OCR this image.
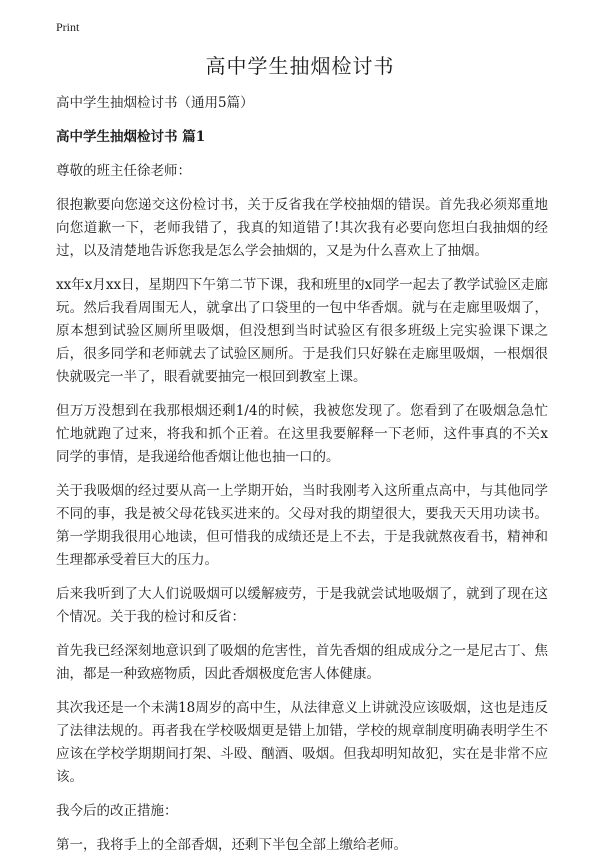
Print
高中学生抽烟检讨书

高中学生抽烟检讨书（通用5篇）

高中学生抽烟检讨书 篇1

尊敬的班主任徐老师：

很抱歉要向您递交这份检讨书，关于反省我在学校抽烟的错误。首先我必须郑重地向您道歉一下，老师我错了，我真的知道错了!其次我有必要向您坦白我抽烟的经过，以及清楚地告诉您我是怎么学会抽烟的，又是为什么喜欢上了抽烟。

xx年x月xx日，星期四下午第二节下课，我和班里的x同学一起去了教学试验区走廊玩。然后我看周围无人，就拿出了口袋里的一包中华香烟。就与在走廊里吸烟了，原本想到试验区厕所里吸烟，但没想到当时试验区有很多班级上完实验课下课之后，很多同学和老师就去了试验区厕所。于是我们只好躲在走廊里吸烟，一根烟很快就吸完一半了，眼看就要抽完一根回到教室上课。

但万万没想到在我那根烟还剩1/4的时候，我被您发现了。您看到了在吸烟急急忙忙地就跑了过来，将我和抓个正着。在这里我要解释一下老师，这件事真的不关x同学的事情，是我递给他香烟让他也抽一口的。

关于我吸烟的经过要从高一上学期开始，当时我刚考入这所重点高中，与其他同学不同的事，我是被父母花钱买进来的。父母对我的期望很大，要我天天用功读书。第一学期我很用心地读，但可惜我的成绩还是上不去，于是我就熬夜看书，精神和生理都承受着巨大的压力。

后来我听到了大人们说吸烟可以缓解疲劳，于是我就尝试地吸烟了，就到了现在这个情况。关于我的检讨和反省：

首先我已经深刻地意识到了吸烟的危害性，首先香烟的组成成分之一是尼古丁、焦油，都是一种致癌物质，因此香烟极度危害人体健康。

其次我还是一个未满18周岁的高中生，从法律意义上讲就没应该吸烟，这也是违反了法律法规的。再者我在学校吸烟更是错上加错，学校的规章制度明确表明学生不应该在学校学期期间打架、斗殴、酗酒、吸烟。但我却明知故犯，实在是非常不应该。

我今后的改正措施：

第一，我将手上的全部香烟，还剩下半包全部上缴给老师。
